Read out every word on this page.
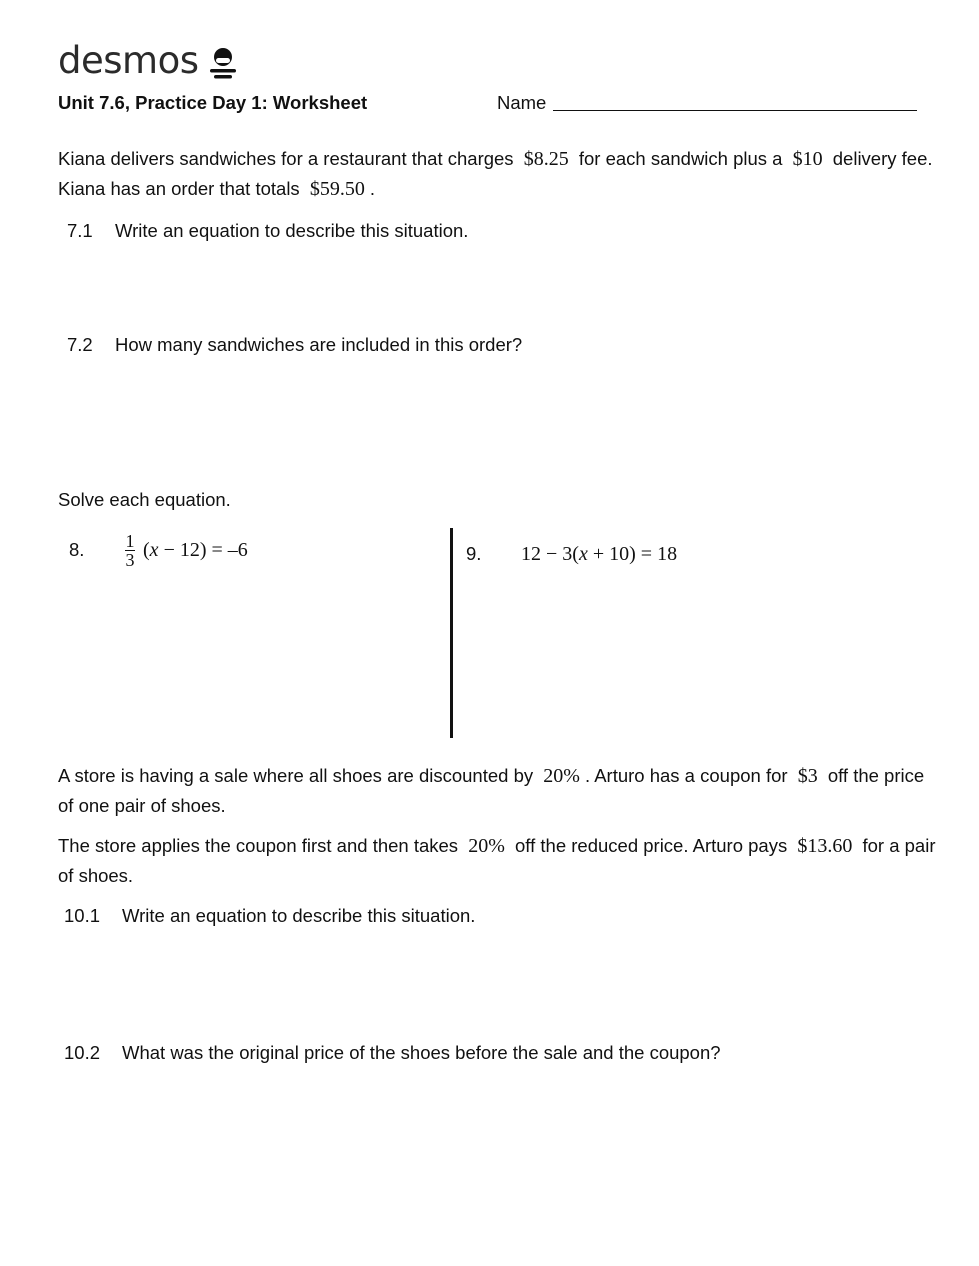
desmos
Unit 7.6, Practice Day 1: Worksheet	Name
Kiana delivers sandwiches for a restaurant that charges $8.25 for each sandwich plus a $10 delivery fee. Kiana has an order that totals $59.50 .
7.1	Write an equation to describe this situation.
7.2	How many sandwiches are included in this order?
Solve each equation.
8.	$\frac{1}{3} (x - 12) = -6$	9.	12 − 3(x + 10) = 18
A store is having a sale where all shoes are discounted by 20% . Arturo has a coupon for $3 off the price of one pair of shoes.
The store applies the coupon first and then takes 20% off the reduced price. Arturo pays $13.60 for a pair of shoes.
10.1	Write an equation to describe this situation.
10.2	What was the original price of the shoes before the sale and the coupon?
